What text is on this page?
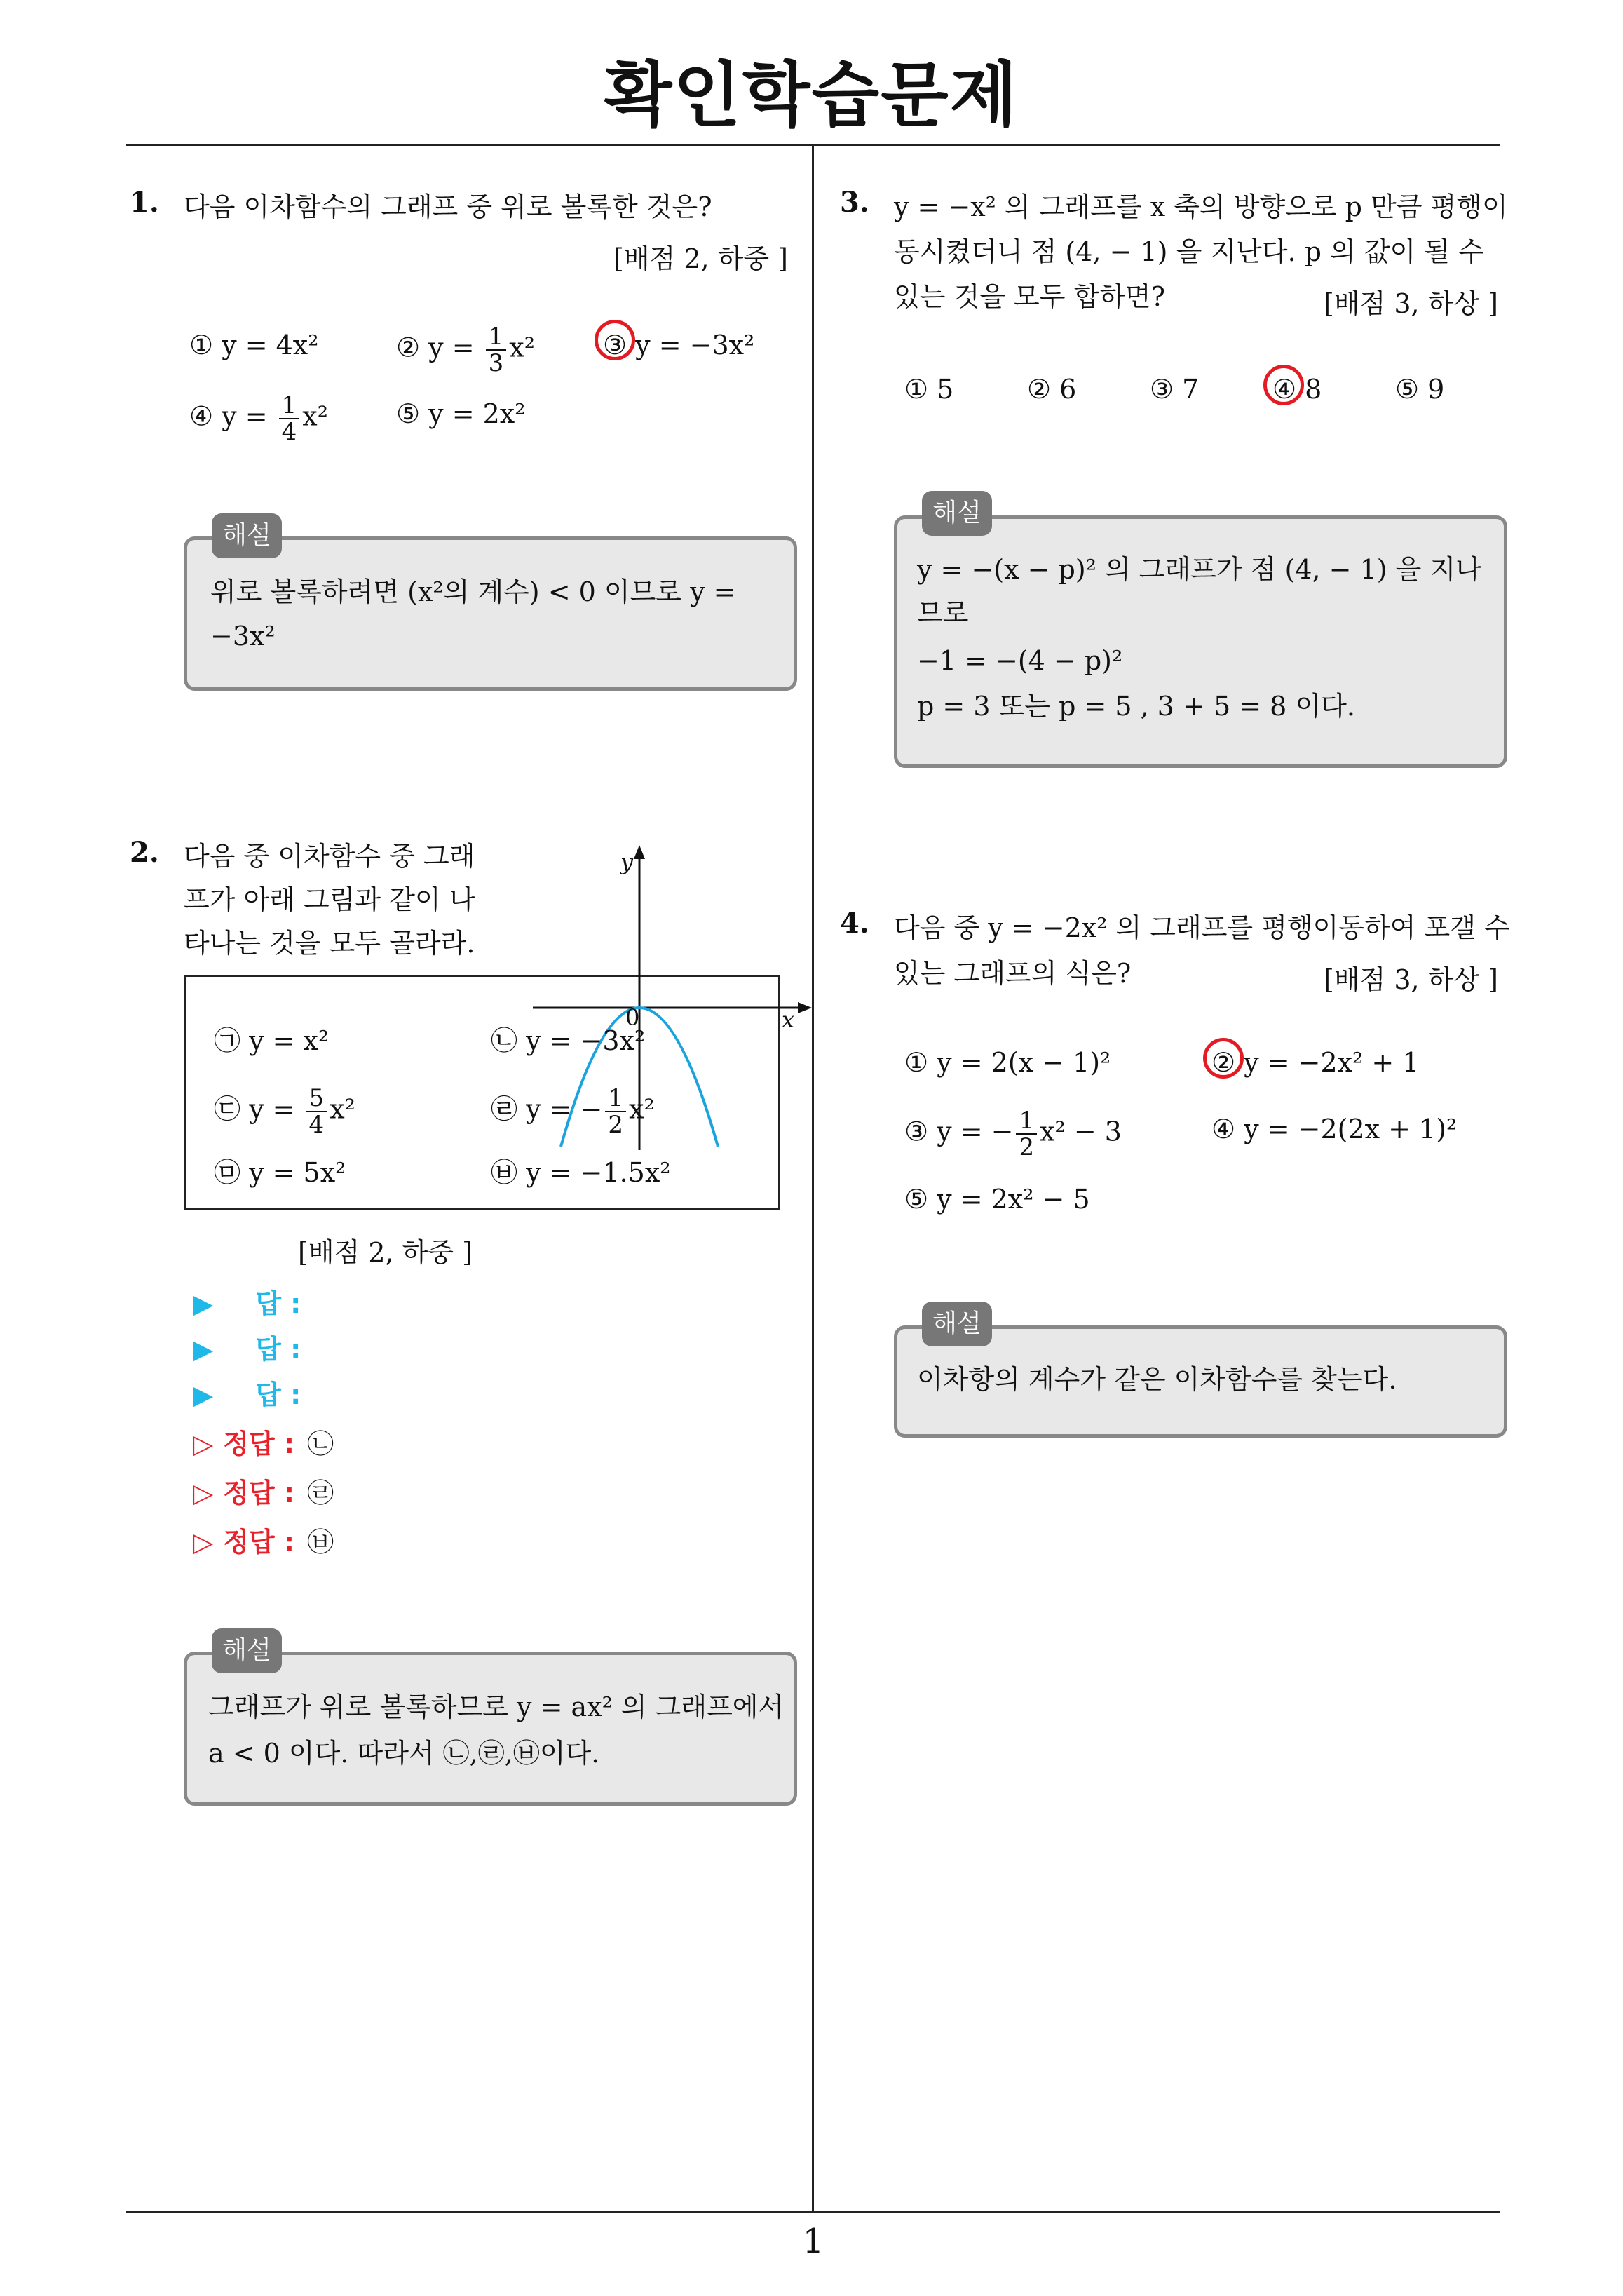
확인학습문제
1
1. 다음 이차함수의 그래프 중 위로 볼록한 것은?
[배점 2, 하중 ]
① y = 4x²	② $y = \frac{1}{3} x^2$	③ y = −3x²
④ $y = \frac{1}{4} x^2$	⑤ y = 2x²
해설
위로 볼록하려면 (x²의 계수) < 0 이므로 y =
−3x²
2. 다음 중 이차함수 중 그래
프가 아래 그림과 같이 나
타나는 것을 모두 골라라.
y
x
0
㉠ y = x²	㉡ y = −3x²
㉢ $y = \frac{5}{4} x^2$	㉣ y = − $\frac{1}{2} x^2$
㉤ y = 5x²	㉥ y = −1.5x²
[배점 2, 하중 ]
▶ 답 :
▶ 답 :
▶ 답 :
▷ 정답 : ㉡
▷ 정답 : ㉣
▷ 정답 : ㉥
해설
그래프가 위로 볼록하므로 y = ax² 의 그래프에서
a < 0 이다. 따라서 ㉡,㉣,㉥이다.
3. y = −x² 의 그래프를 x 축의 방향으로 p 만큼 평행이
동시켰더니 점 (4, − 1) 을 지난다. p 의 값이 될 수
있는 것을 모두 합하면?	[배점 3, 하상 ]
① 5	② 6	③ 7	④ 8	⑤ 9
해설
y = −(x − p)² 의 그래프가 점 (4, − 1) 을 지나
므로
−1 = −(4 − p)²
p = 3 또는 p = 5 , 3 + 5 = 8 이다.
4. 다음 중 y = −2x² 의 그래프를 평행이동하여 포갤 수
있는 그래프의 식은?	[배점 3, 하상 ]
① y = 2(x − 1)²	② y = −2x² + 1
③ y = − $\frac{1}{2} x^2 - 3$	④ y = −2(2x + 1)²
⑤ y = 2x² − 5
해설
이차항의 계수가 같은 이차함수를 찾는다.
